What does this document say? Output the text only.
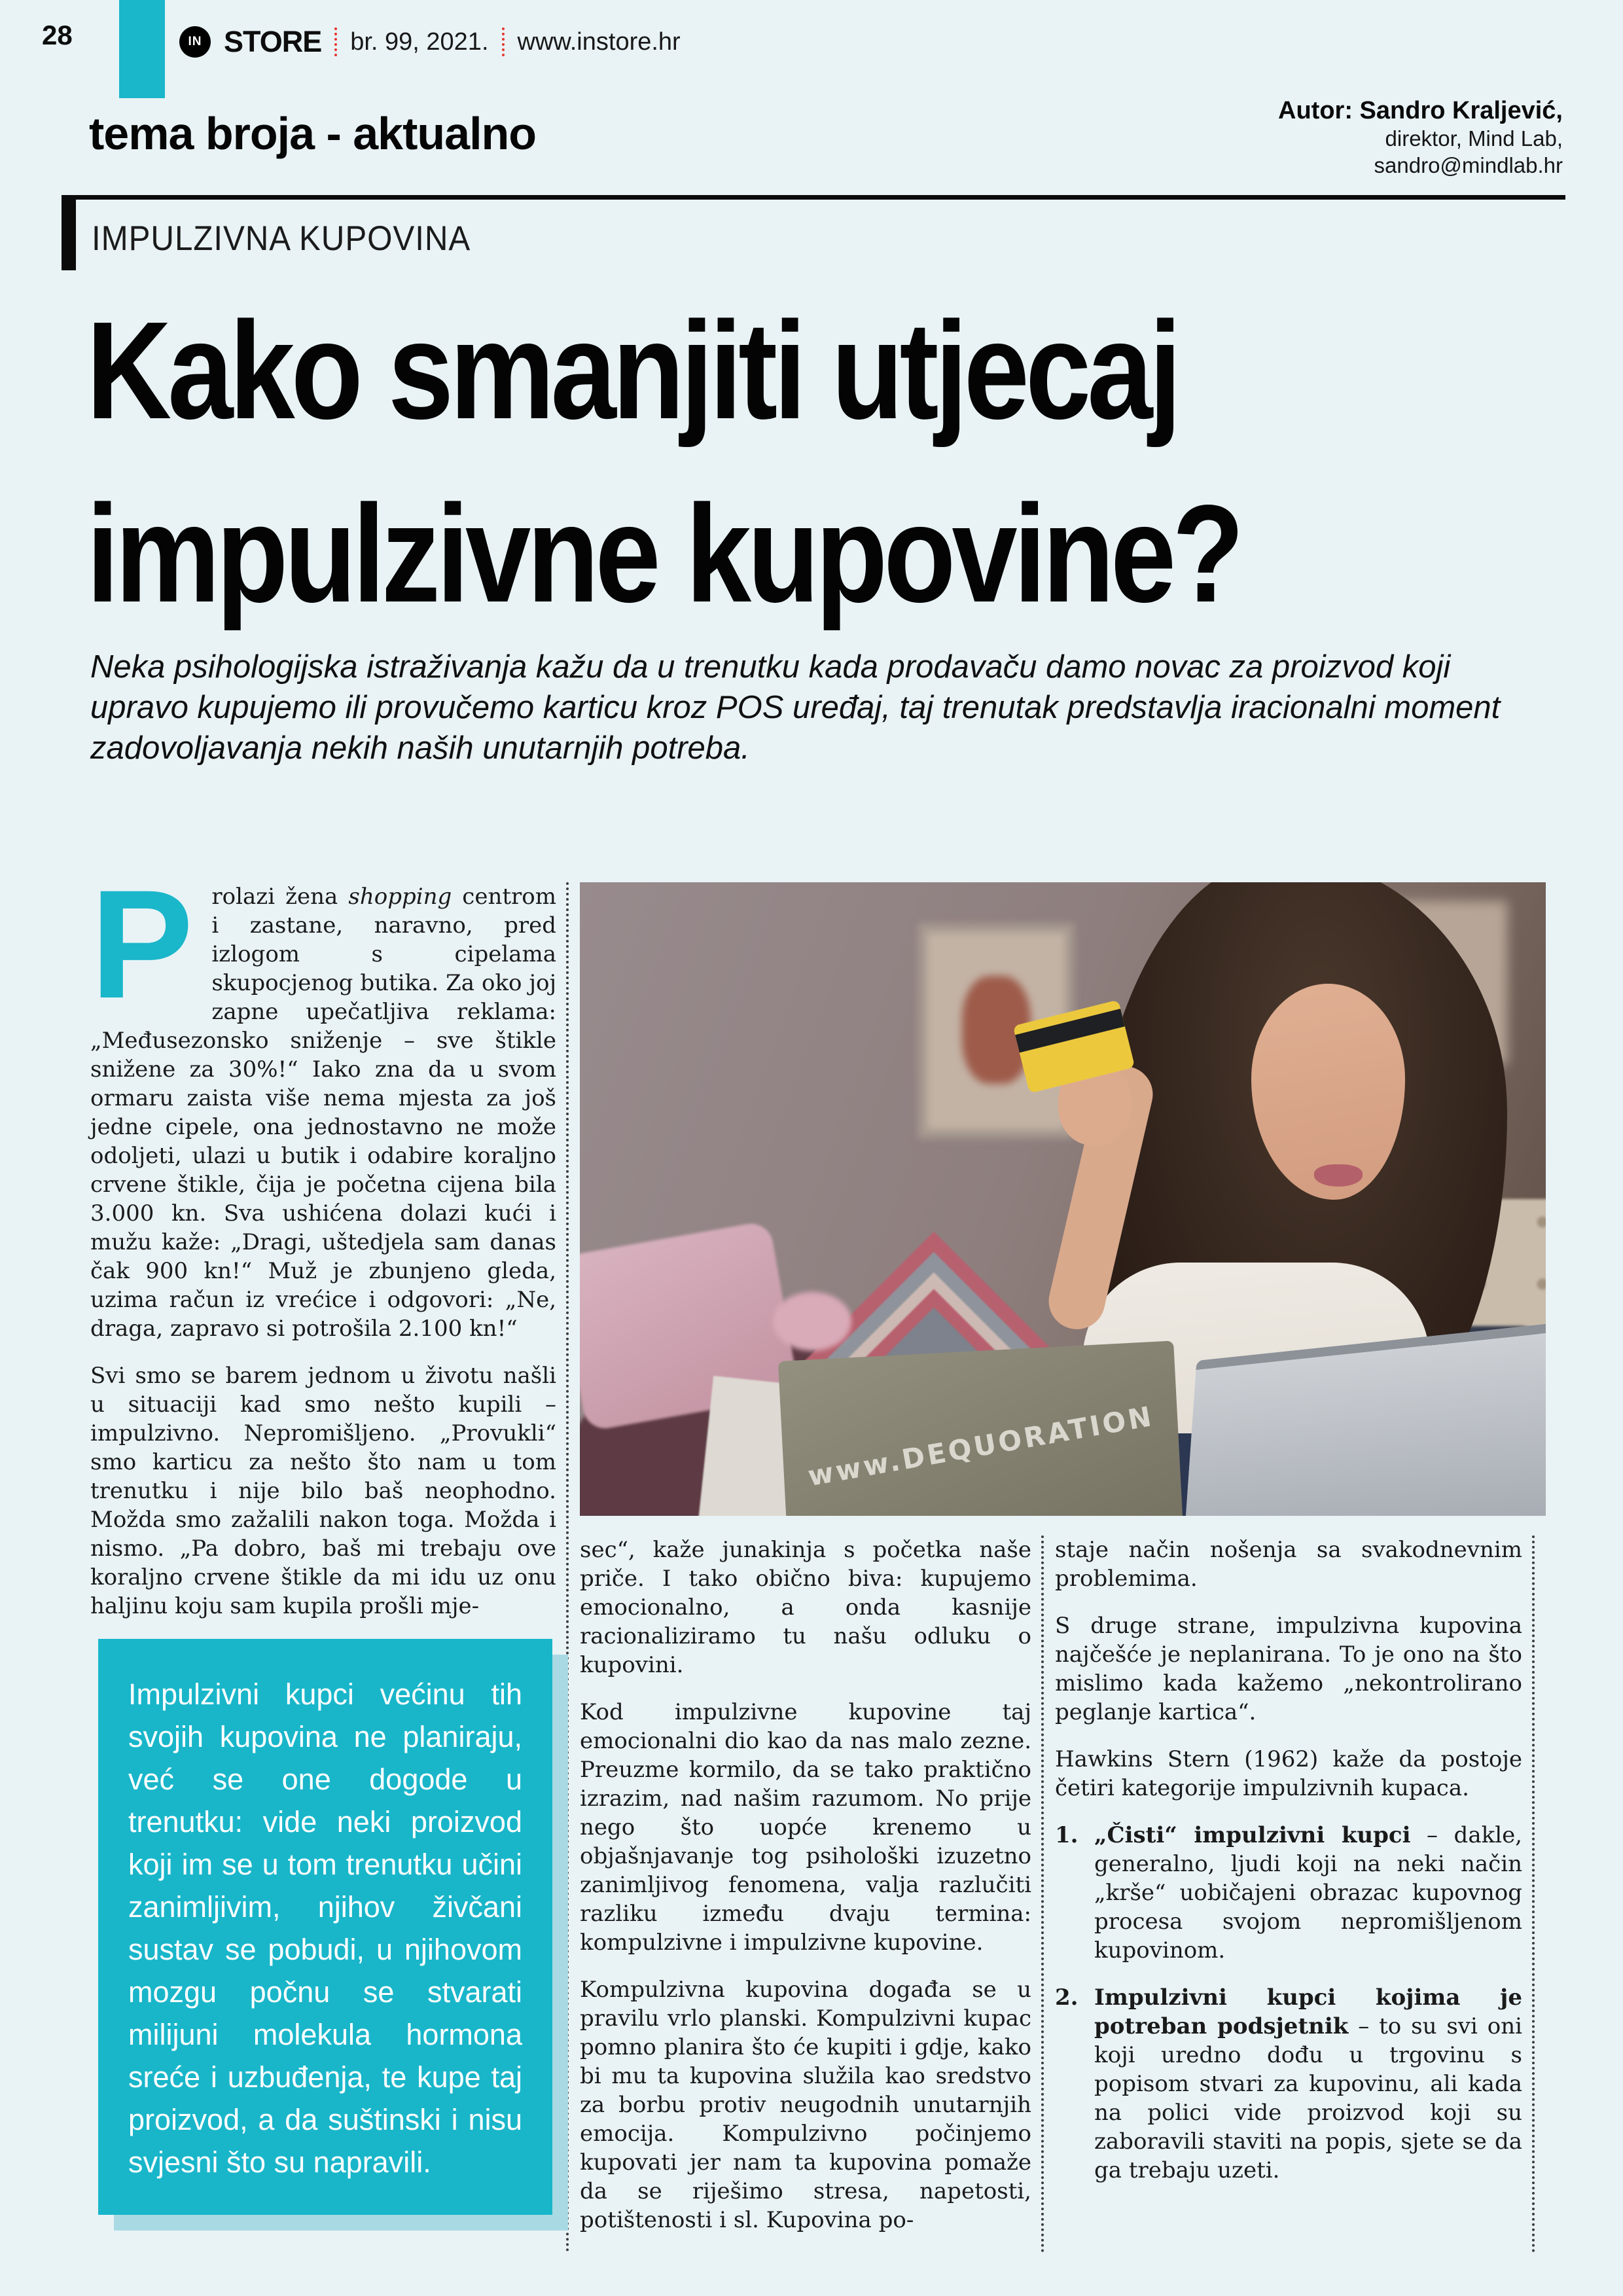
28	IN STORE br. 99, 2021. www.instore.hr
tema broja - aktualno	Autor: Sandro Kraljević,
direktor, Mind Lab,
sandro@mindlab.hr
IMPULZIVNA KUPOVINA
Kako smanjiti utjecaj
impulzivne kupovine?
Neka psihologijska istraživanja kažu da u trenutku kada prodavaču damo novac za proizvod koji upravo kupujemo ili provučemo karticu kroz POS uređaj, taj trenutak predstavlja iracionalni moment zadovoljavanja nekih naših unutarnjih potreba.

Prolazi žena shopping centrom i zastane, naravno, pred izlogom s cipelama skupocjenog butika. Za oko joj zapne upečatljiva reklama: „Međusezonsko sniženje – sve štikle snižene za 30%!“ Iako zna da u svom ormaru zaista više nema mjesta za još jedne cipele, ona jednostavno ne može odoljeti, ulazi u butik i odabire koraljno crvene štikle, čija je početna cijena bila 3.000 kn. Sva ushićena dolazi kući i mužu kaže: „Dragi, uštedjela sam danas čak 900 kn!“ Muž je zbunjeno gleda, uzima račun iz vrećice i odgovori: „Ne, draga, zapravo si potrošila 2.100 kn!“

Svi smo se barem jednom u životu našli u situaciji kad smo nešto kupili – impulzivno. Nepromišljeno. „Provukli“ smo karticu za nešto što nam u tom trenutku i nije bilo baš neophodno. Možda smo zažalili nakon toga. Možda i nismo. „Pa dobro, baš mi trebaju ove koraljno crvene štikle da mi idu uz onu haljinu koju sam kupila prošli mje-

Impulzivni kupci većinu tih svojih kupovina ne planiraju, već se one dogode u trenutku: vide neki proizvod koji im se u tom trenutku učini zanimljivim, njihov živčani sustav se pobudi, u njihovom mozgu počnu se stvarati milijuni molekula hormona sreće i uzbuđenja, te kupe taj proizvod, a da suštinski i nisu svjesni što su napravili.
www.DEQUORATION

sec“, kaže junakinja s početka naše priče. I tako obično biva: kupujemo emocionalno, a onda kasnije racionaliziramo tu našu odluku o kupovini.

Kod impulzivne kupovine taj emocionalni dio kao da nas malo zezne. Preuzme kormilo, da se tako praktično izrazim, nad našim razumom. No prije nego što uopće krenemo u objašnjavanje tog psihološki izuzetno zanimljivog fenomena, valja razlučiti razliku između dvaju termina: kompulzivne i impulzivne kupovine.

Kompulzivna kupovina događa se u pravilu vrlo planski. Kompulzivni kupac pomno planira što će kupiti i gdje, kako bi mu ta kupovina služila kao sredstvo za borbu protiv neugodnih unutarnjih emocija. Kompulzivno počinjemo kupovati jer nam ta kupovina pomaže da se riješimo stresa, napetosti, potištenosti i sl. Kupovina po-

staje način nošenja sa svakodnevnim problemima.

S druge strane, impulzivna kupovina najčešće je neplanirana. To je ono na što mislimo kada kažemo „nekontrolirano peglanje kartica“.

Hawkins Stern (1962) kaže da postoje četiri kategorije impulzivnih kupaca.

1. „Čisti“ impulzivni kupci – dakle, generalno, ljudi koji na neki način „krše“ uobičajeni obrazac kupovnog procesa svojom nepromišljenom kupovinom.
2. Impulzivni kupci kojima je potreban podsjetnik – to su svi oni koji uredno dođu u trgovinu s popisom stvari za kupovinu, ali kada na polici vide proizvod koji su zaboravili staviti na popis, sjete se da ga trebaju uzeti.
